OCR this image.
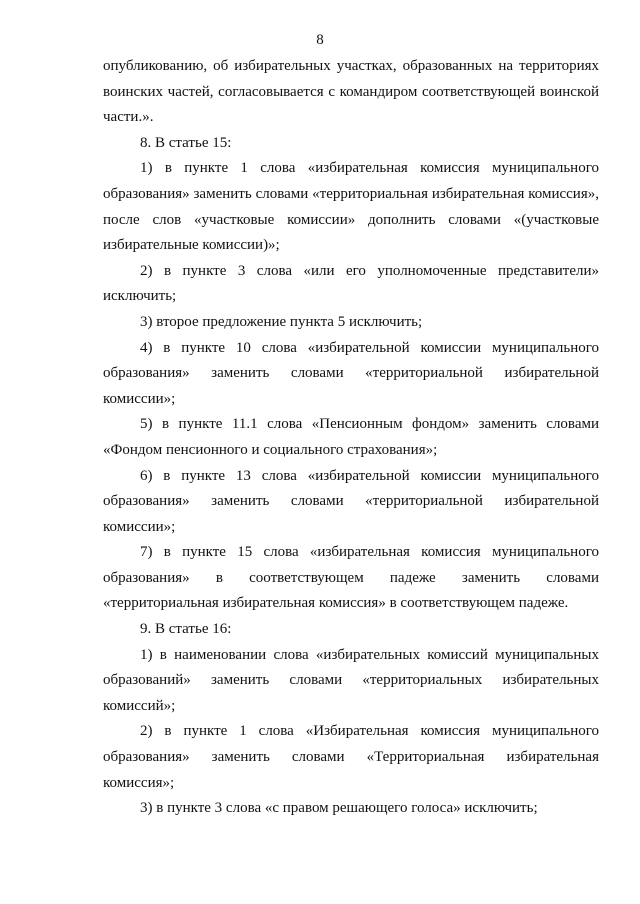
8

опубликованию, об избирательных участках, образованных на территориях воинских частей, согласовывается с командиром соответствующей воинской части.».

8. В статье 15:

1) в пункте 1 слова «избирательная комиссия муниципального образования» заменить словами «территориальная избирательная комиссия», после слов «участковые комиссии» дополнить словами «(участковые избирательные комиссии)»;

2) в пункте 3 слова «или его уполномоченные представители» исключить;

3) второе предложение пункта 5 исключить;

4) в пункте 10 слова «избирательной комиссии муниципального образования» заменить словами «территориальной избирательной комиссии»;

5) в пункте 11.1 слова «Пенсионным фондом» заменить словами «Фондом пенсионного и социального страхования»;

6) в пункте 13 слова «избирательной комиссии муниципального образования» заменить словами «территориальной избирательной комиссии»;

7) в пункте 15 слова «избирательная комиссия муниципального образования» в соответствующем падеже заменить словами «территориальная избирательная комиссия» в соответствующем падеже.

9. В статье 16:

1) в наименовании слова «избирательных комиссий муниципальных образований» заменить словами «территориальных избирательных комиссий»;

2) в пункте 1 слова «Избирательная комиссия муниципального образования» заменить словами «Территориальная избирательная комиссия»;

3) в пункте 3 слова «с правом решающего голоса» исключить;
